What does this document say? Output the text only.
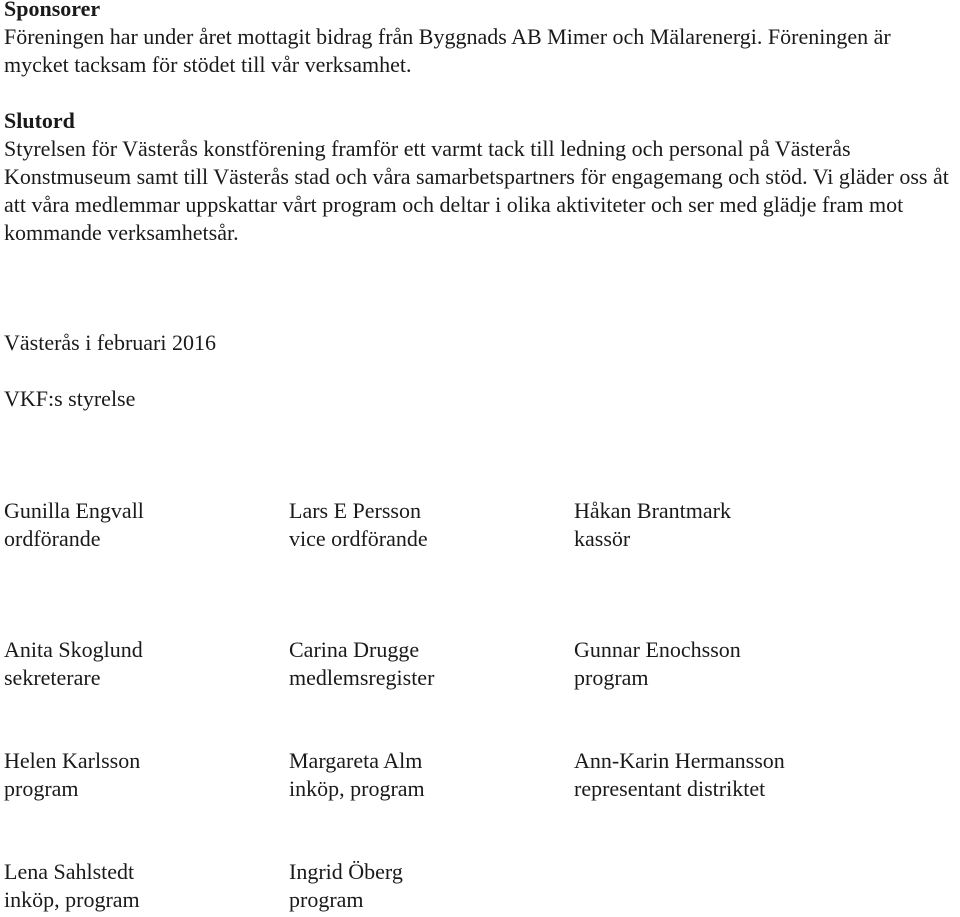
Sponsorer

Föreningen har under året mottagit bidrag från Byggnads AB Mimer och Mälarenergi. Föreningen är mycket tacksam för stödet till vår verksamhet.

Slutord

Styrelsen för Västerås konstförening framför ett varmt tack till ledning och personal på Västerås Konstmuseum samt till Västerås stad och våra samarbetspartners för engagemang och stöd. Vi gläder oss åt att våra medlemmar uppskattar vårt program och deltar i olika aktiviteter och ser med glädje fram mot kommande verksamhetsår.

Västerås i februari 2016

VKF:s styrelse

Gunilla Engvall
ordförande
Lars E Persson
vice ordförande
Håkan Brantmark
kassör
Anita Skoglund
sekreterare
Carina Drugge
medlemsregister
Gunnar Enochsson
program
Helen Karlsson
program
Margareta Alm
inköp, program
Ann-Karin Hermansson
representant distriktet
Lena Sahlstedt
inköp, program
Ingrid Öberg
program
